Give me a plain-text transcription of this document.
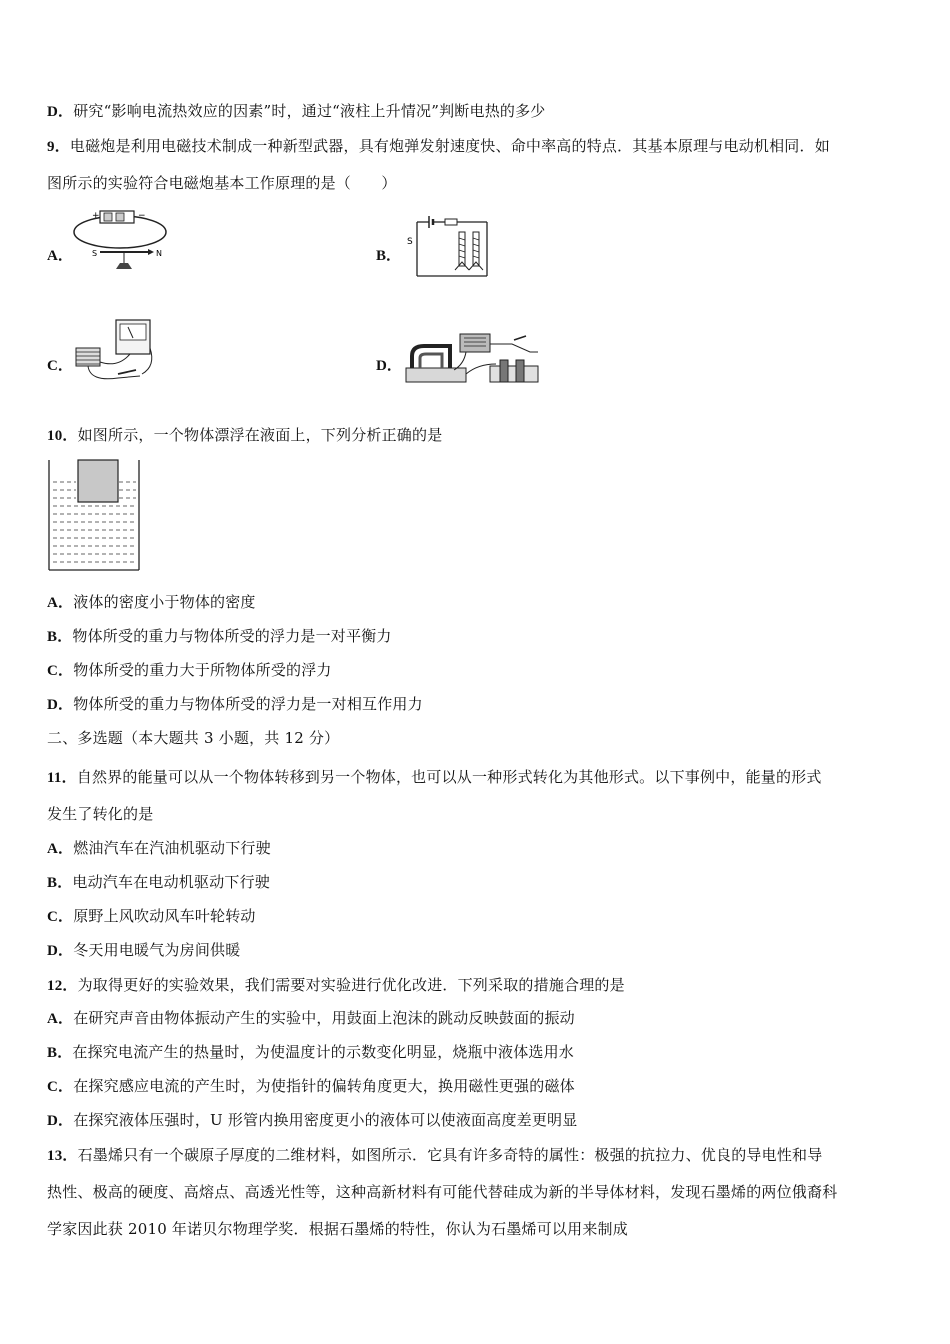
D．研究“影响电流热效应的因素”时，通过“液柱上升情况”判断电热的多少
9．电磁炮是利用电磁技术制成一种新型武器，具有炮弹发射速度快、命中率高的特点．其基本原理与电动机相同．如
图所示的实验符合电磁炮基本工作原理的是（　　）
A．
+	−
S	N	B．
S
C．	D．
10．如图所示，一个物体漂浮在液面上，下列分析正确的是
A．液体的密度小于物体的密度
B．物体所受的重力与物体所受的浮力是一对平衡力
C．物体所受的重力大于所物体所受的浮力
D．物体所受的重力与物体所受的浮力是一对相互作用力
二、多选题（本大题共 3 小题，共 12 分）
11．自然界的能量可以从一个物体转移到另一个物体，也可以从一种形式转化为其他形式。以下事例中，能量的形式
发生了转化的是
A．燃油汽车在汽油机驱动下行驶
B．电动汽车在电动机驱动下行驶
C．原野上风吹动风车叶轮转动
D．冬天用电暖气为房间供暖
12．为取得更好的实验效果，我们需要对实验进行优化改进．下列采取的措施合理的是
A．在研究声音由物体振动产生的实验中，用鼓面上泡沫的跳动反映鼓面的振动
B．在探究电流产生的热量时，为使温度计的示数变化明显，烧瓶中液体选用水
C．在探究感应电流的产生时，为使指针的偏转角度更大，换用磁性更强的磁体
D．在探究液体压强时，U 形管内换用密度更小的液体可以使液面高度差更明显
13．石墨烯只有一个碳原子厚度的二维材料，如图所示．它具有许多奇特的属性：极强的抗拉力、优良的导电性和导
热性、极高的硬度、高熔点、高透光性等，这种高新材料有可能代替硅成为新的半导体材料，发现石墨烯的两位俄裔科
学家因此获 2010 年诺贝尔物理学奖．根据石墨烯的特性，你认为石墨烯可以用来制成
